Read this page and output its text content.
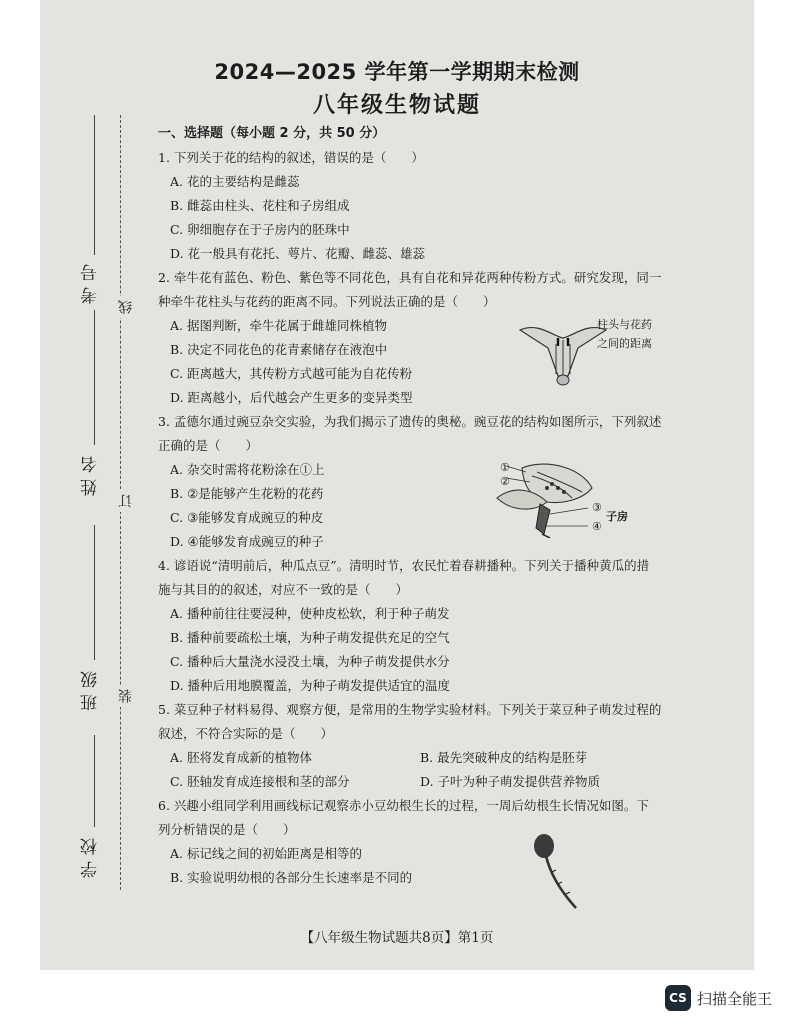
考号
姓名
班级
学校
线
订
装
2024—2025 学年第一学期期末检测
八年级生物试题
一、选择题（每小题 2 分，共 50 分）
1. 下列关于花的结构的叙述，错误的是（　　）
A. 花的主要结构是雌蕊
B. 雌蕊由柱头、花柱和子房组成
C. 卵细胞存在于子房内的胚珠中
D. 花一般具有花托、萼片、花瓣、雌蕊、雄蕊
2. 牵牛花有蓝色、粉色、紫色等不同花色，具有自花和异花两种传粉方式。研究发现，同一
种牵牛花柱头与花药的距离不同。下列说法正确的是（　　）
A. 据图判断，牵牛花属于雌雄同株植物
B. 决定不同花色的花青素储存在液泡中
C. 距离越大，其传粉方式越可能为自花传粉
D. 距离越小，后代越会产生更多的变异类型
3. 孟德尔通过豌豆杂交实验，为我们揭示了遗传的奥秘。豌豆花的结构如图所示，下列叙述
正确的是（　　）
A. 杂交时需将花粉涂在①上
B. ②是能够产生花粉的花药
C. ③能够发育成豌豆的种皮
D. ④能够发育成豌豆的种子
4. 谚语说“清明前后，种瓜点豆”。清明时节，农民忙着春耕播种。下列关于播种黄瓜的措
施与其目的的叙述，对应不一致的是（　　）
A. 播种前往往要浸种，使种皮松软，利于种子萌发
B. 播种前要疏松土壤，为种子萌发提供充足的空气
C. 播种后大量浇水浸没土壤，为种子萌发提供水分
D. 播种后用地膜覆盖，为种子萌发提供适宜的温度
5. 菜豆种子材料易得、观察方便，是常用的生物学实验材料。下列关于菜豆种子萌发过程的
叙述，不符合实际的是（　　）
A. 胚将发育成新的植物体	B. 最先突破种皮的结构是胚芽
C. 胚轴发育成连接根和茎的部分	D. 子叶为种子萌发提供营养物质
6. 兴趣小组同学利用画线标记观察赤小豆幼根生长的过程，一周后幼根生长情况如图。下
列分析错误的是（　　）
A. 标记线之间的初始距离是相等的
B. 实验说明幼根的各部分生长速率是不同的
柱头与花药
之间的距离
①
②
③
④
子房
【八年级生物试题共8页】第1页
CS 扫描全能王
